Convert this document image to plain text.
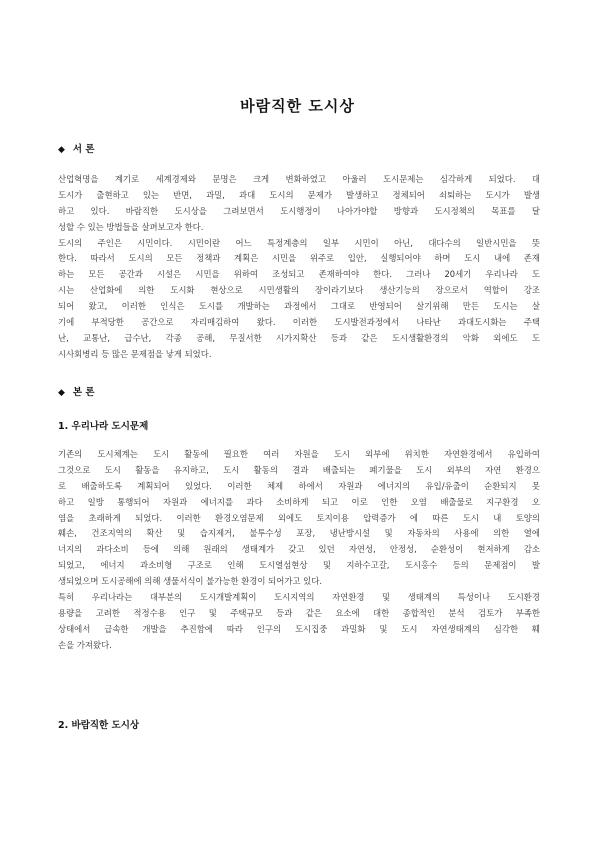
바람직한 도시상
◆ 서 론
산업혁명을 계기로 세계경제와 문명은 크게 변화하였고 아울러 도시문제는 심각하게 되었다. 대
도시가 출현하고 있는 반면, 과밀, 과대 도시의 문제가 발생하고 정체되어 쇠퇴하는 도시가 발생
하고 있다. 바람직한 도시상을 그려보면서 도시행정이 나아가야할 방향과 도시정책의 목표를 달
성할 수 있는 방법들을 살펴보고자 한다.
도시의 주인은 시민이다. 시민이란 어느 특정계층의 일부 시민이 아닌, 대다수의 일반시민을 뜻
한다. 따라서 도시의 모든 정책과 계획은 시민을 위주로 입안, 실행되어야 하며 도시 내에 존재
하는 모든 공간과 시설은 시민을 위하여 조성되고 존재하여야 한다. 그러나 20세기 우리나라 도
시는 산업화에 의한 도시화 현상으로 시민생활의 장이라기보다 생산기능의 장으로서 역할이 강조
되어 왔고, 이러한 인식은 도시를 개발하는 과정에서 그대로 반영되어 살기위해 만든 도시는 살
기에 부적당한 공간으로 자리매김하여 왔다. 이러한 도시발전과정에서 나타난 과대도시화는 주택
난, 교통난, 급수난, 각종 공해, 무질서한 시가지확산 등과 같은 도시생활환경의 악화 외에도 도
시사회병리 등 많은 문제점을 낳게 되었다.
◆ 본 론
1. 우리나라 도시문제
기존의 도시체계는 도시 활동에 필요한 여러 자원을 도시 외부에 위치한 자연환경에서 유입하여
그것으로 도시 활동을 유지하고, 도시 활동의 결과 배출되는 폐기물을 도시 외부의 자연 환경으
로 배출하도록 계획되어 있었다. 이러한 체제 하에서 자원과 에너지의 유입/유출이 순환되지 못
하고 일방 통행되어 자원과 에너지를 과다 소비하게 되고 이로 인한 오염 배출물로 지구환경 오
염을 초래하게 되었다. 이러한 환경오염문제 외에도 토지이용 압력증가 에 따른 도시 내 토양의
훼손, 건조지역의 확산 및 습지제거, 불투수성 포장, 냉난방시설 및 자동차의 사용에 의한 열에
너지의 과다소비 등에 의해 원래의 생태계가 갖고 있던 자연성, 안정성, 순환성이 현저하게 감소
되었고, 에너지 과소비형 구조로 인해 도시열섬현상 및 지하수고갈, 도시홍수 등의 문제점이 발
생되었으며 도시공해에 의해 생물서식이 불가능한 환경이 되어가고 있다.
특히 우리나라는 대부분의 도시개발계획이 도시지역의 자연환경 및 생태계의 특성이나 도시환경
용량을 고려한 적정수용 인구 및 주택규모 등과 같은 요소에 대한 종합적인 분석 검토가 부족한
상태에서 급속한 개발을 추진함에 따라 인구의 도시집중 과밀화 및 도시 자연생태계의 심각한 훼
손을 가져왔다.
2. 바람직한 도시상
